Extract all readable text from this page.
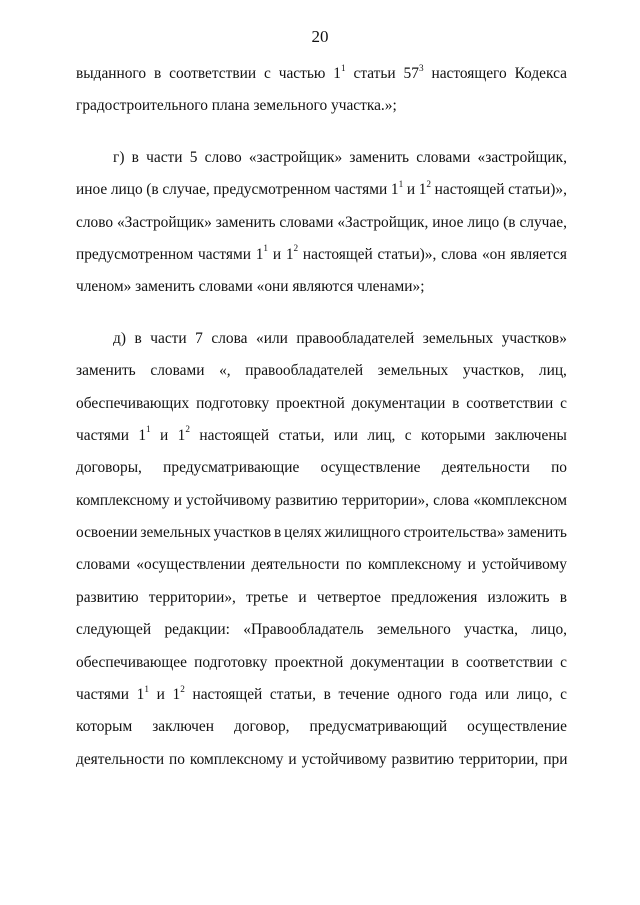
20
выданного в соответствии с частью $1^1$ статьи $57^3$ настоящего Кодекса
градостроительного плана земельного участка.»;
г) в части 5 слово «застройщик» заменить словами «застройщик,
иное лицо (в случае, предусмотренном частями $1^1$ и $1^2$ настоящей статьи)»,
слово «Застройщик» заменить словами «Застройщик, иное лицо (в случае,
предусмотренном частями $1^1$ и $1^2$ настоящей статьи)», слова «он является
членом» заменить словами «они являются членами»;
д) в части 7 слова «или правообладателей земельных участков»
заменить словами «, правообладателей земельных участков, лиц,
обеспечивающих подготовку проектной документации в соответствии с
частями $1^1$ и $1^2$ настоящей статьи, или лиц, с которыми заключены
договоры, предусматривающие осуществление деятельности по
комплексному и устойчивому развитию территории», слова «комплексном
освоении земельных участков в целях жилищного строительства» заменить
словами «осуществлении деятельности по комплексному и устойчивому
развитию территории», третье и четвертое предложения изложить в
следующей редакции: «Правообладатель земельного участка, лицо,
обеспечивающее подготовку проектной документации в соответствии с
частями $1^1$ и $1^2$ настоящей статьи, в течение одного года или лицо, с
которым заключен договор, предусматривающий осуществление
деятельности по комплексному и устойчивому развитию территории, при
